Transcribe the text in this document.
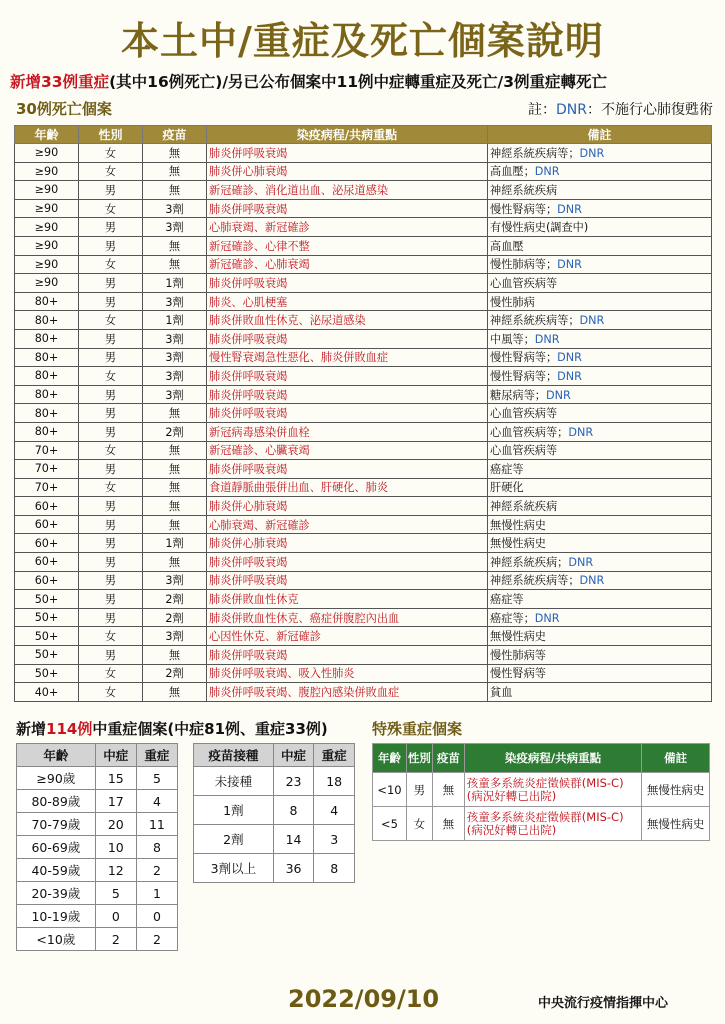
本土中/重症及死亡個案說明
新增33例重症(其中16例死亡)/另已公布個案中11例中症轉重症及死亡/3例重症轉死亡
30例死亡個案	註：DNR：不施行心肺復甦術
年齡	性別	疫苗	染疫病程/共病重點	備註
≥90	女	無	肺炎併呼吸衰竭	神經系統疾病等；DNR
≥90	女	無	肺炎併心肺衰竭	高血壓；DNR
≥90	男	無	新冠確診、消化道出血、泌尿道感染	神經系統疾病
≥90	女	3劑	肺炎併呼吸衰竭	慢性腎病等；DNR
≥90	男	3劑	心肺衰竭、新冠確診	有慢性病史(調查中)
≥90	男	無	新冠確診、心律不整	高血壓
≥90	女	無	新冠確診、心肺衰竭	慢性肺病等；DNR
≥90	男	1劑	肺炎併呼吸衰竭	心血管疾病等
80+	男	3劑	肺炎、心肌梗塞	慢性肺病
80+	女	1劑	肺炎併敗血性休克、泌尿道感染	神經系統疾病等；DNR
80+	男	3劑	肺炎併呼吸衰竭	中風等；DNR
80+	男	3劑	慢性腎衰竭急性惡化、肺炎併敗血症	慢性腎病等；DNR
80+	女	3劑	肺炎併呼吸衰竭	慢性腎病等；DNR
80+	男	3劑	肺炎併呼吸衰竭	糖尿病等；DNR
80+	男	無	肺炎併呼吸衰竭	心血管疾病等
80+	男	2劑	新冠病毒感染併血栓	心血管疾病等；DNR
70+	女	無	新冠確診、心臟衰竭	心血管疾病等
70+	男	無	肺炎併呼吸衰竭	癌症等
70+	女	無	食道靜脈曲張併出血、肝硬化、肺炎	肝硬化
60+	男	無	肺炎併心肺衰竭	神經系統疾病
60+	男	無	心肺衰竭、新冠確診	無慢性病史
60+	男	1劑	肺炎併心肺衰竭	無慢性病史
60+	男	無	肺炎併呼吸衰竭	神經系統疾病；DNR
60+	男	3劑	肺炎併呼吸衰竭	神經系統疾病等；DNR
50+	男	2劑	肺炎併敗血性休克	癌症等
50+	男	2劑	肺炎併敗血性休克、癌症併腹腔內出血	癌症等；DNR
50+	女	3劑	心因性休克、新冠確診	無慢性病史
50+	男	無	肺炎併呼吸衰竭	慢性肺病等
50+	女	2劑	肺炎併呼吸衰竭、吸入性肺炎	慢性腎病等
40+	女	無	肺炎併呼吸衰竭、腹腔內感染併敗血症	貧血
新增114例中重症個案(中症81例、重症33例)	特殊重症個案
年齡	中症	重症
≥90歲	15	5
80-89歲	17	4
70-79歲	20	11
60-69歲	10	8
40-59歲	12	2
20-39歲	5	1
10-19歲	0	0
<10歲	2	2
疫苗接種	中症	重症
未接種	23	18
1劑	8	4
2劑	14	3
3劑以上	36	8
年齡	性別	疫苗	染疫病程/共病重點	備註
<10	男	無	孩童多系統炎症徵候群(MIS-C)
(病況好轉已出院)	無慢性病史
<5	女	無	孩童多系統炎症徵候群(MIS-C)
(病況好轉已出院)	無慢性病史
2022/09/10	中央流行疫情指揮中心
